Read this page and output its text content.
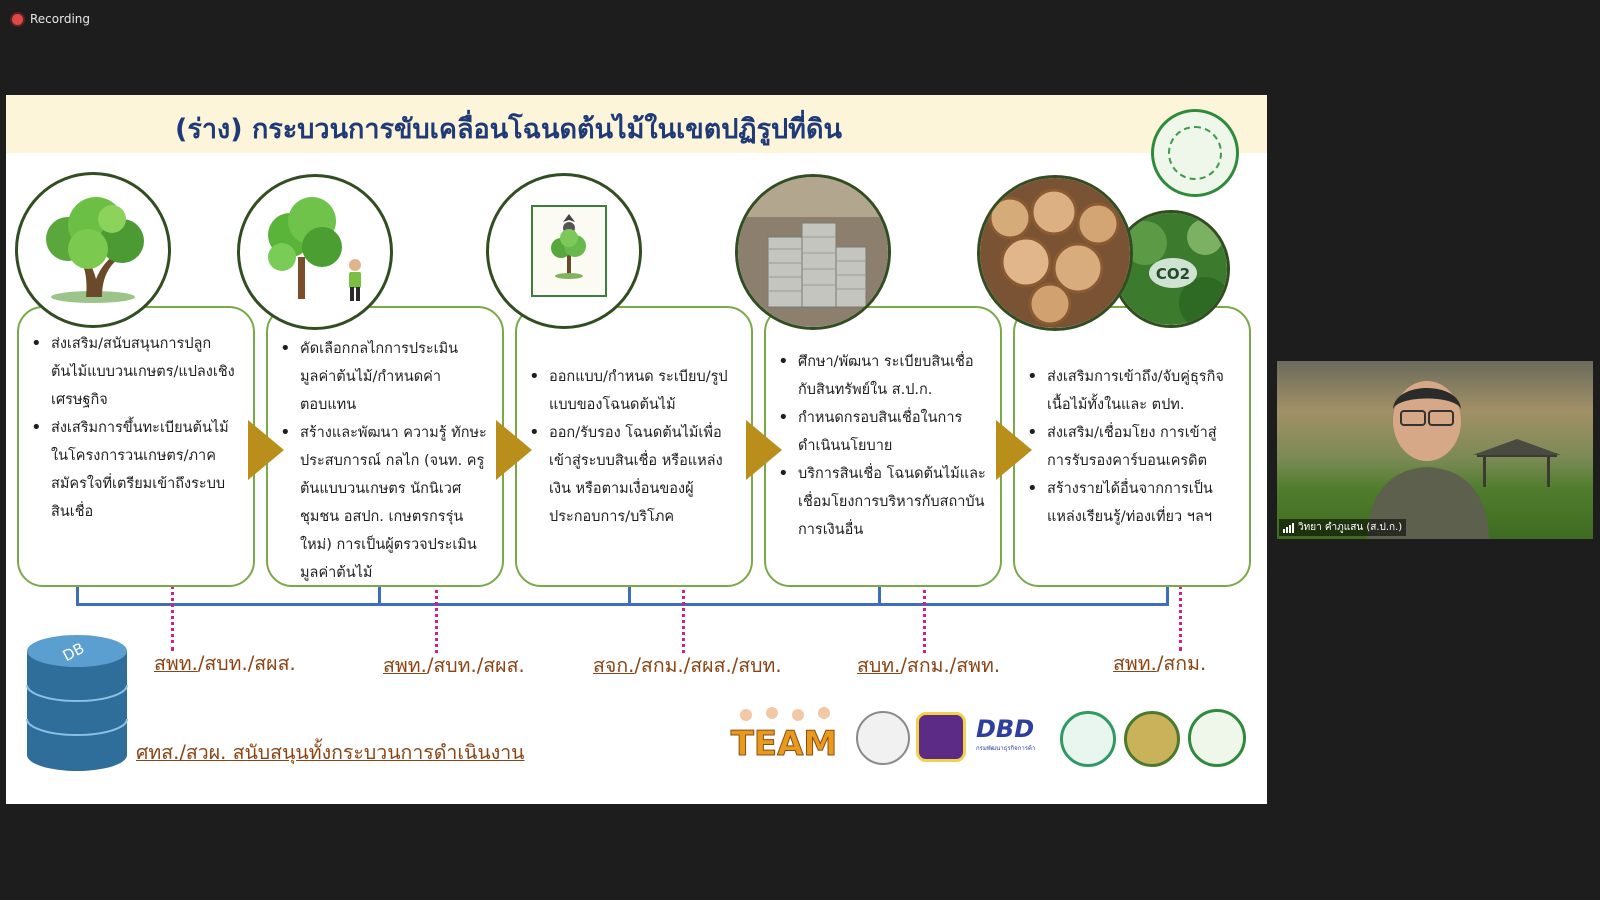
Recording
(ร่าง) กระบวนการขับเคลื่อนโฉนดต้นไม้ในเขตปฏิรูปที่ดิน
• ส่งเสริม/สนับสนุนการปลูกต้นไม้แบบวนเกษตร/แปลงเชิงเศรษฐกิจ
• ส่งเสริมการขึ้นทะเบียนต้นไม้ในโครงการวนเกษตร/ภาคสมัครใจที่เตรียมเข้าถึงระบบสินเชื่อ
• คัดเลือกกลไกการประเมินมูลค่าต้นไม้/กำหนดค่าตอบแทน
• สร้างและพัฒนา ความรู้ ทักษะ ประสบการณ์ กลไก (จนท. ครูต้นแบบวนเกษตร นักนิเวศชุมชน อสปก. เกษตรกรรุ่นใหม่) การเป็นผู้ตรวจประเมินมูลค่าต้นไม้
• ออกแบบ/กำหนด ระเบียบ/รูปแบบของโฉนดต้นไม้
• ออก/รับรอง โฉนดต้นไม้เพื่อเข้าสู่ระบบสินเชื่อ หรือแหล่งเงิน หรือตามเงื่อนของผู้ประกอบการ/บริโภค
• ศึกษา/พัฒนา ระเบียบสินเชื่อ กับสินทรัพย์ใน ส.ป.ก.
• กำหนดกรอบสินเชื่อในการดำเนินนโยบาย
• บริการสินเชื่อ โฉนดต้นไม้และเชื่อมโยงการบริหารกับสถาบันการเงินอื่น
• ส่งเสริมการเข้าถึง/จับคู่ธุรกิจเนื้อไม้ทั้งในและ ตปท.
• ส่งเสริม/เชื่อมโยง การเข้าสู่การรับรองคาร์บอนเครดิต
• สร้างรายได้อื่นจากการเป็นแหล่งเรียนรู้/ท่องเที่ยว ฯลฯ
CO2
สพท./สบท./สผส.	สพท./สบท./สผส.	สจก./สกม./สผส./สบท.	สบท./สกม./สพท.	สพท./สกม.
DB
ศทส./สวผ. สนับสนุนทั้งกระบวนการดำเนินงาน	TEAM	DBD
กรมพัฒนาธุรกิจการค้า
วิทยา คำภูแสน (ส.ป.ก.)
